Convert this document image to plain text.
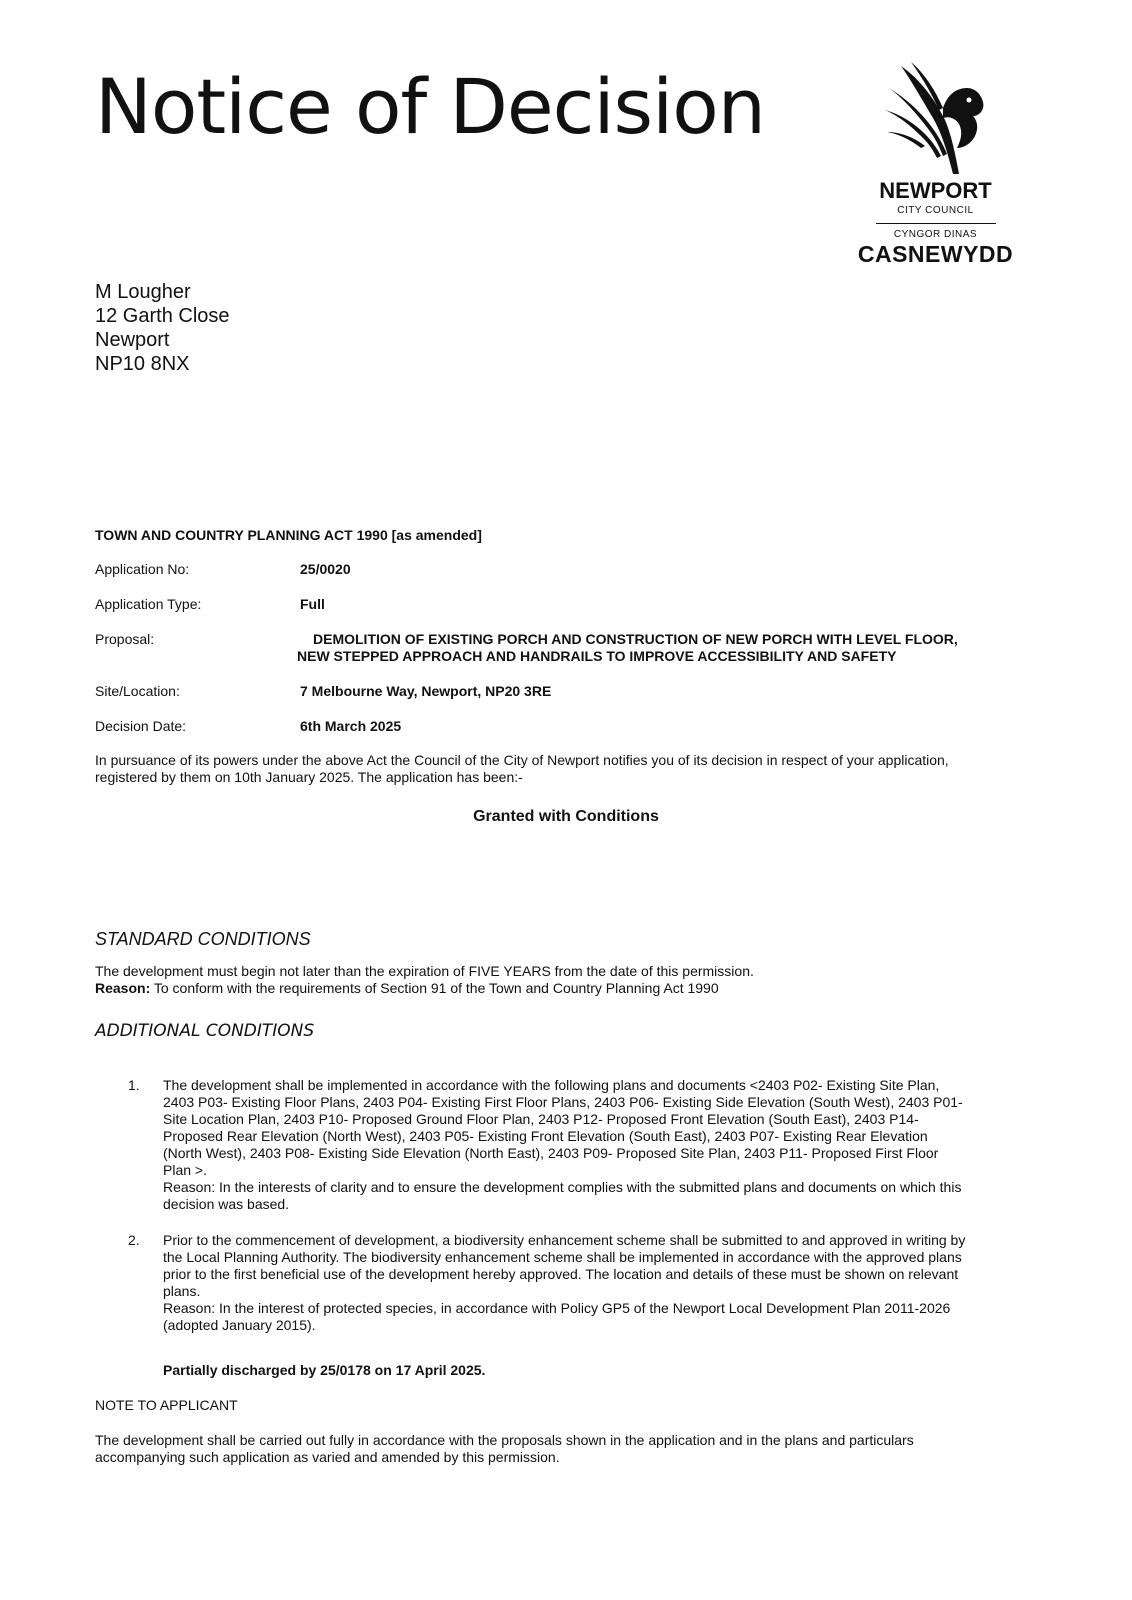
Notice of Decision
NEWPORT
CITY COUNCIL
CYNGOR DINAS
CASNEWYDD
M Lougher
12 Garth Close
Newport
NP10 8NX
TOWN AND COUNTRY PLANNING ACT 1990 [as amended]
Application No:	25/0020
Application Type:	Full
Proposal:	DEMOLITION OF EXISTING PORCH AND CONSTRUCTION OF NEW PORCH WITH LEVEL FLOOR,
NEW STEPPED APPROACH AND HANDRAILS TO IMPROVE ACCESSIBILITY AND SAFETY
Site/Location:	7 Melbourne Way, Newport, NP20 3RE
Decision Date:	6th March 2025
In pursuance of its powers under the above Act the Council of the City of Newport notifies you of its decision in respect of your application,
registered by them on 10th January 2025. The application has been:-
Granted with Conditions
STANDARD CONDITIONS
The development must begin not later than the expiration of FIVE YEARS from the date of this permission.
Reason: To conform with the requirements of Section 91 of the Town and Country Planning Act 1990
ADDITIONAL CONDITIONS
1. The development shall be implemented in accordance with the following plans and documents <2403 P02- Existing Site Plan,
2403 P03- Existing Floor Plans, 2403 P04- Existing First Floor Plans, 2403 P06- Existing Side Elevation (South West), 2403 P01-
Site Location Plan, 2403 P10- Proposed Ground Floor Plan, 2403 P12- Proposed Front Elevation (South East), 2403 P14-
Proposed Rear Elevation (North West), 2403 P05- Existing Front Elevation (South East), 2403 P07- Existing Rear Elevation
(North West), 2403 P08- Existing Side Elevation (North East), 2403 P09- Proposed Site Plan, 2403 P11- Proposed First Floor
Plan >.
Reason: In the interests of clarity and to ensure the development complies with the submitted plans and documents on which this
decision was based.
2. Prior to the commencement of development, a biodiversity enhancement scheme shall be submitted to and approved in writing by
the Local Planning Authority. The biodiversity enhancement scheme shall be implemented in accordance with the approved plans
prior to the first beneficial use of the development hereby approved. The location and details of these must be shown on relevant
plans.
Reason: In the interest of protected species, in accordance with Policy GP5 of the Newport Local Development Plan 2011-2026
(adopted January 2015).
Partially discharged by 25/0178 on 17 April 2025.
NOTE TO APPLICANT
The development shall be carried out fully in accordance with the proposals shown in the application and in the plans and particulars
accompanying such application as varied and amended by this permission.
